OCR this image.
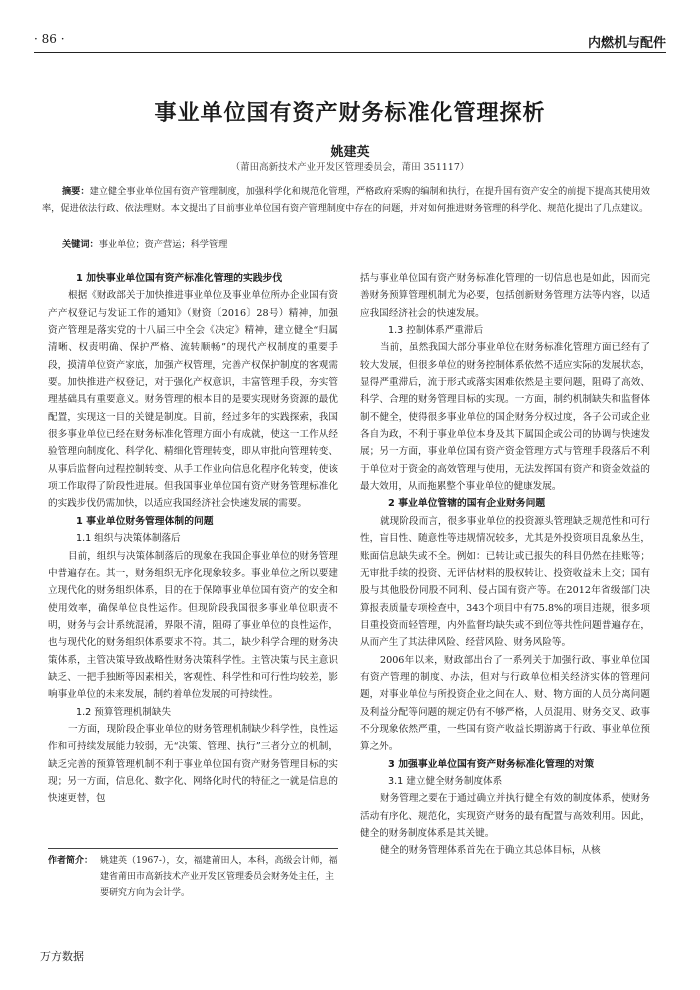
· 86 ·	内燃机与配件
事业单位国有资产财务标准化管理探析
姚建英
（莆田高新技术产业开发区管理委员会，莆田 351117）
摘要：建立健全事业单位国有资产管理制度，加强科学化和规范化管理，严格政府采购的编制和执行，在提升国有资产安全的前提下提高其使用效率，促进依法行政、依法理财。本文提出了目前事业单位国有资产管理制度中存在的问题，并对如何推进财务管理的科学化、规范化提出了几点建议。
关键词：事业单位；资产营运；科学管理
1 加快事业单位国有资产标准化管理的实践步伐

根据《财政部关于加快推进事业单位及事业单位所办企业国有资产产权登记与发证工作的通知》（财资〔2016〕28号）精神，加强资产管理是落实党的十八届三中全会《决定》精神，建立健全“归属清晰、权责明确、保护严格、流转顺畅”的现代产权制度的重要手段，摸清单位资产家底，加强产权管理，完善产权保护制度的客观需要。加快推进产权登记，对于强化产权意识，丰富管理手段，夯实管理基础具有重要意义。财务管理的根本目的是要实现财务资源的最优配置，实现这一目的关键是制度。目前，经过多年的实践探索，我国很多事业单位已经在财务标准化管理方面小有成就，使这一工作从经验管理向制度化、科学化、精细化管理转变，即从审批向管理转变、从事后监督向过程控制转变、从手工作业向信息化程序化转变，使该项工作取得了阶段性进展。但我国事业单位国有资产财务管理标准化的实践步伐仍需加快，以适应我国经济社会快速发展的需要。

1 事业单位财务管理体制的问题
1.1 组织与决策体制落后

目前，组织与决策体制落后的现象在我国企事业单位的财务管理中普遍存在。其一，财务组织无序化现象较多。事业单位之所以要建立现代化的财务组织体系，目的在于保障事业单位国有资产的安全和使用效率，确保单位良性运作。但现阶段我国很多事业单位职责不明，财务与会计系统混淆，界限不清，阻碍了事业单位的良性运作，也与现代化的财务组织体系要求不符。其二，缺少科学合理的财务决策体系，主管决策导致战略性财务决策科学性。主管决策与民主意识缺乏、一把手独断等因素相关，客观性、科学性和可行性均较差，影响事业单位的未来发展，制约着单位发展的可持续性。

1.2 预算管理机制缺失

一方面，现阶段企事业单位的财务管理机制缺少科学性，良性运作和可持续发展能力较弱，无“决策、管理、执行”三者分立的机制，缺乏完善的预算管理机制不利于事业单位国有资产财务管理目标的实现；另一方面，信息化、数字化、网络化时代的特征之一就是信息的快速更替，包

括与事业单位国有资产财务标准化管理的一切信息也是如此，因而完善财务预算管理机制尤为必要，包括创新财务管理方法等内容，以适应我国经济社会的快速发展。

1.3 控制体系严重滞后

当前，虽然我国大部分事业单位在财务标准化管理方面已经有了较大发展，但很多单位的财务控制体系依然不适应实际的发展状态，显得严重滞后，流于形式或落实困难依然是主要问题，阻碍了高效、科学、合理的财务管理目标的实现。一方面，制约机制缺失和监督体制不健全，使得很多事业单位的国企财务分权过度，各子公司或企业各自为政，不利于事业单位本身及其下属国企或公司的协调与快速发展；另一方面，事业单位国有资产资金管理方式与管理手段落后不利于单位对于资金的高效管理与使用，无法发挥国有资产和资金效益的最大效用，从而拖累整个事业单位的健康发展。

2 事业单位管辖的国有企业财务问题

就现阶段而言，很多事业单位的投资源头管理缺乏规范性和可行性，盲目性、随意性等违规情况较多，尤其是外投资项目乱象丛生，账面信息缺失或不全。例如：已转让或已报失的科目仍然在挂账等；无审批手续的投资、无评估材料的股权转让、投资收益未上交；国有股与其他股份同股不同利、侵占国有资产等。在2012年省级部门决算报表质量专项检查中，343个项目中有75.8%的项目违规，很多项目重投资而轻管理，内外监督均缺失或不到位等共性问题普遍存在，从而产生了其法律风险、经营风险、财务风险等。

2006年以来，财政部出台了一系列关于加强行政、事业单位国有资产管理的制度、办法，但对与行政单位相关经济实体的管理问题，对事业单位与所投资企业之间在人、财、物方面的人员分离问题及利益分配等问题的规定仍有不够严格，人员混用、财务交叉、政事不分现象依然严重，一些国有资产收益长期游离于行政、事业单位预算之外。

3 加强事业单位国有资产财务标准化管理的对策
3.1 建立健全财务制度体系

财务管理之要在于通过确立并执行健全有效的制度体系，使财务活动有序化、规范化，实现资产财务的最有配置与高效利用。因此，健全的财务制度体系是其关键。

健全的财务管理体系首先在于确立其总体目标，从核

作者简介： 姚建英（1967-），女，福建莆田人，本科，高级会计师，福建省莆田市高新技术产业开发区管理委员会财务处主任，主要研究方向为会计学。
万方数据
